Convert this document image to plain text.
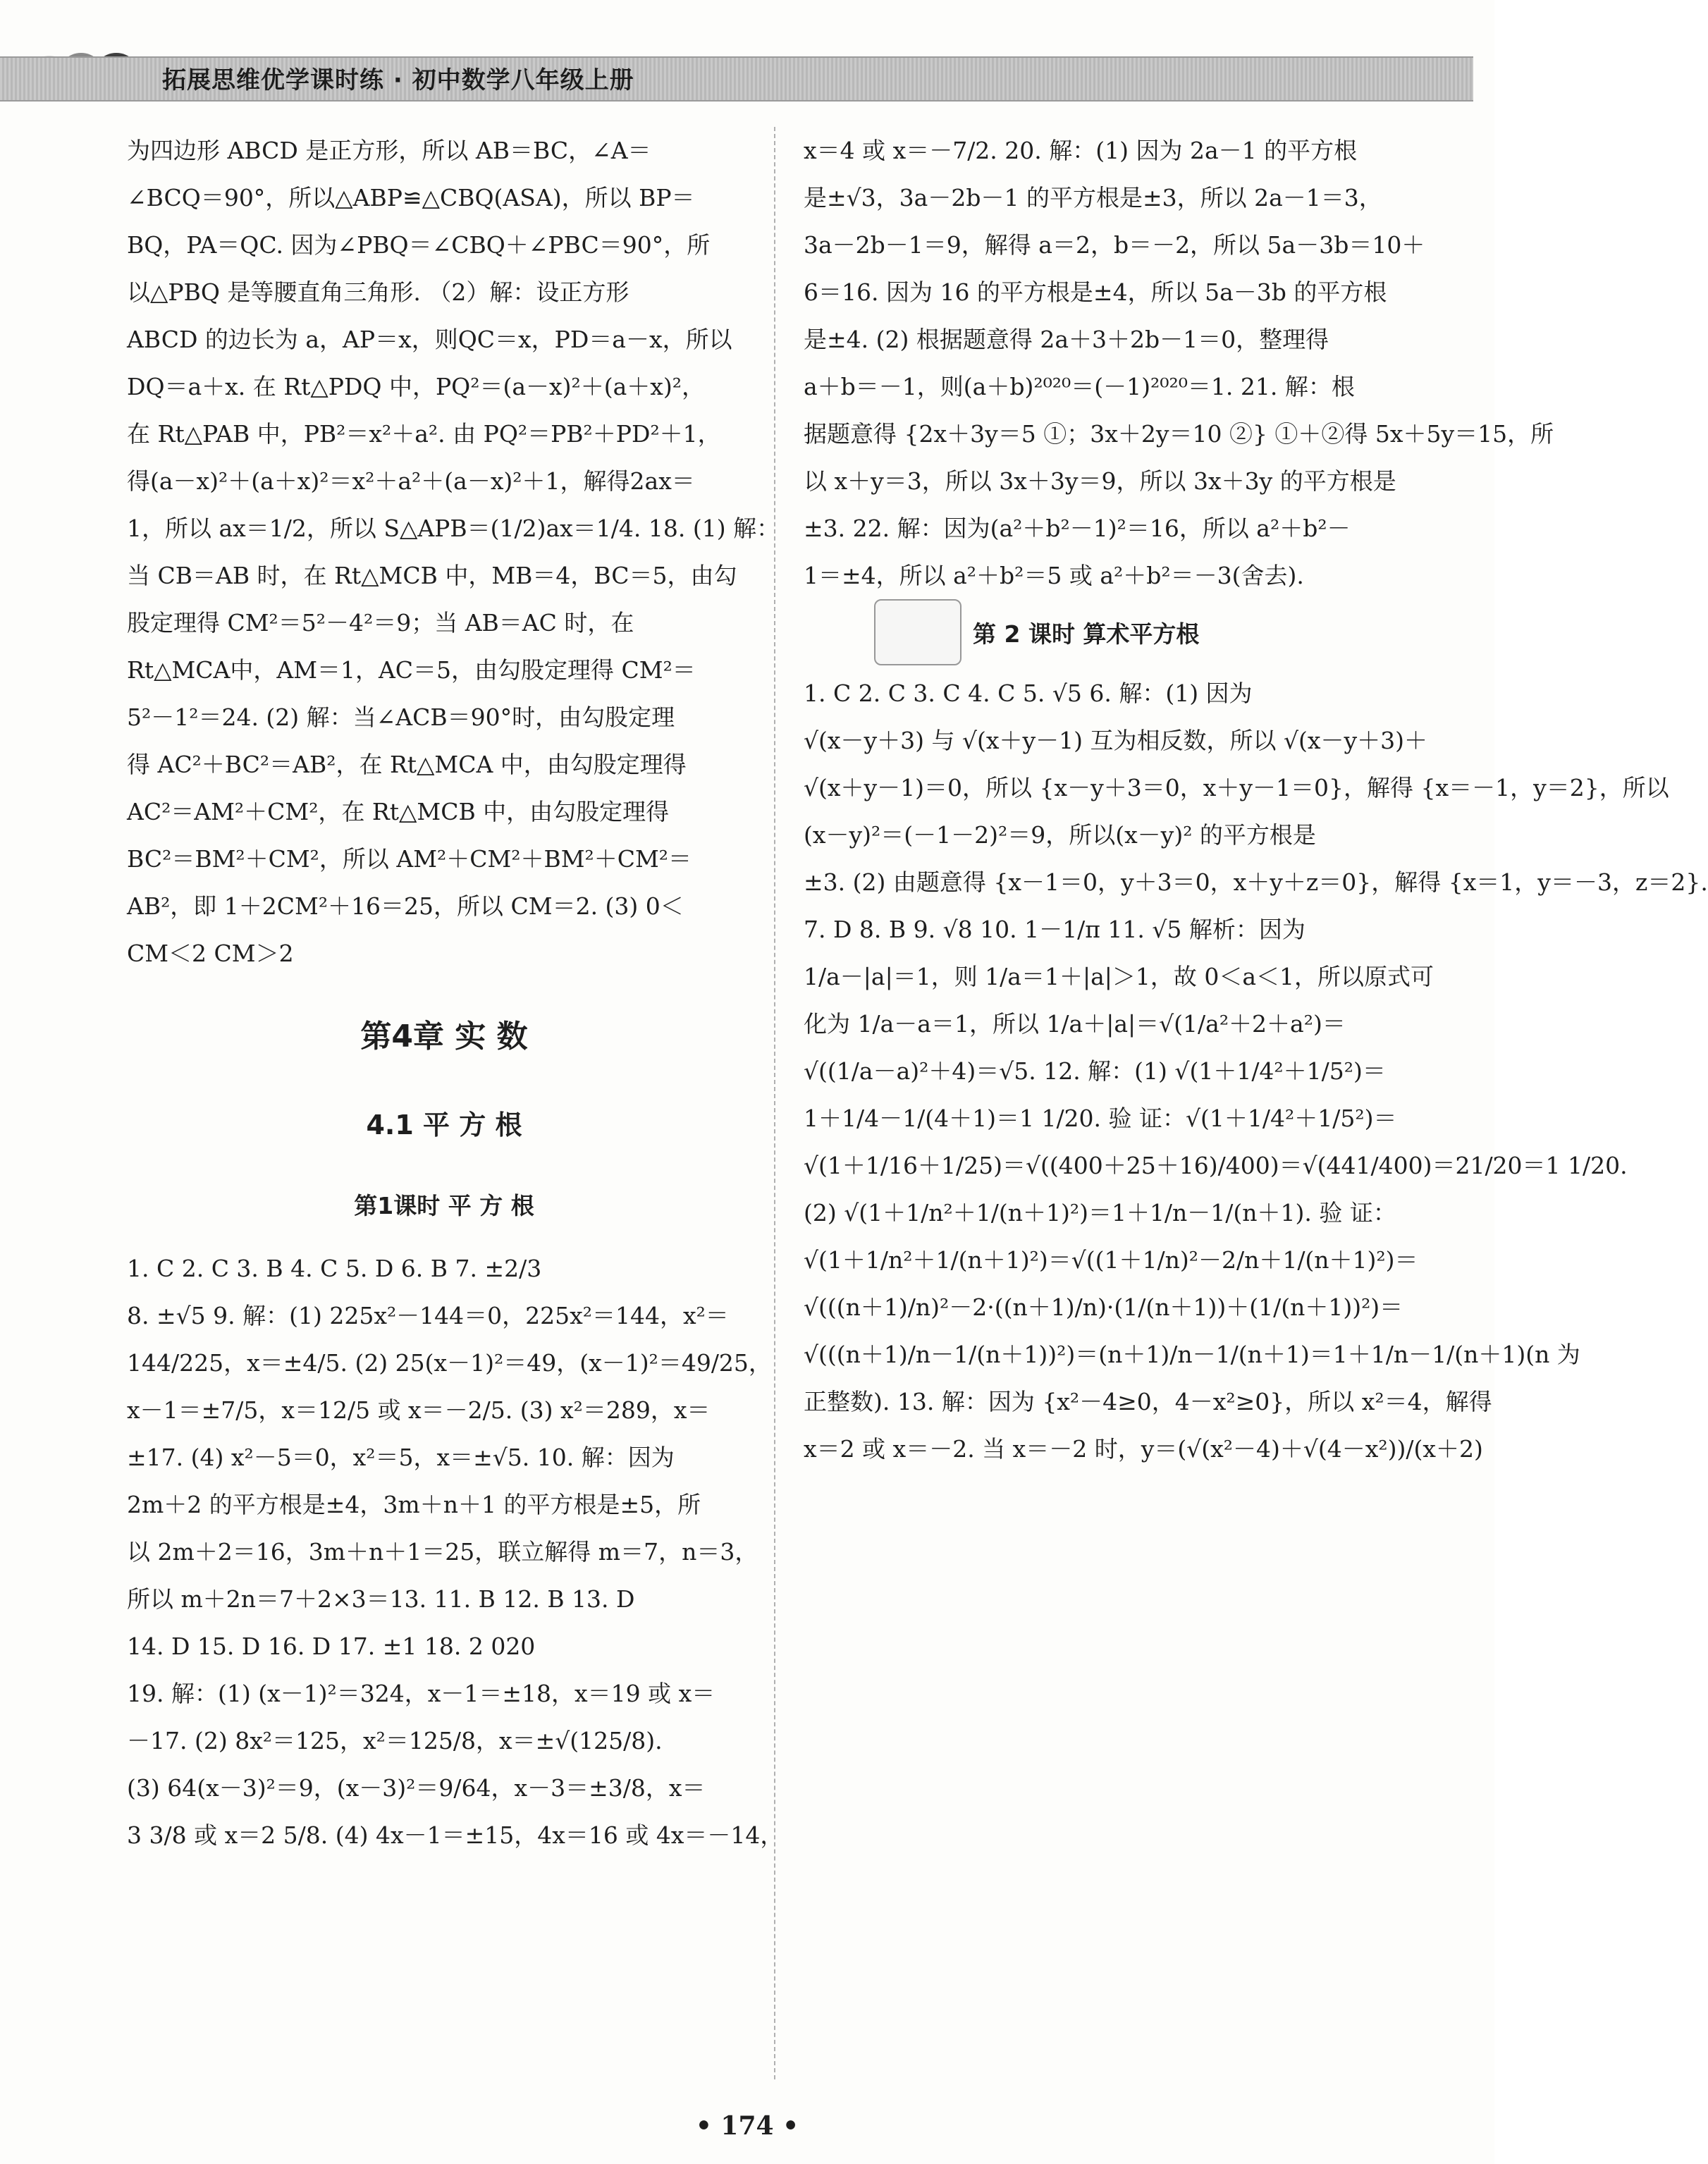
拓展思维优学课时练 · 初中数学八年级上册
为四边形 ABCD 是正方形，所以 AB＝BC，∠A＝
∠BCQ＝90°，所以△ABP≌△CBQ(ASA)，所以 BP＝
BQ，PA＝QC. 因为∠PBQ＝∠CBQ＋∠PBC＝90°，所
以△PBQ 是等腰直角三角形. （2）解：设正方形
ABCD 的边长为 a，AP＝x，则QC＝x，PD＝a－x，所以
DQ＝a＋x. 在 Rt△PDQ 中，PQ²＝(a－x)²＋(a＋x)²，
在 Rt△PAB 中，PB²＝x²＋a². 由 PQ²＝PB²＋PD²＋1，
得(a－x)²＋(a＋x)²＝x²＋a²＋(a－x)²＋1，解得2ax＝
1，所以 ax＝1/2，所以 S△APB＝(1/2)ax＝1/4. 18. (1) 解：
当 CB＝AB 时，在 Rt△MCB 中，MB＝4，BC＝5，由勾
股定理得 CM²＝5²－4²＝9；当 AB＝AC 时，在
Rt△MCA中，AM＝1，AC＝5，由勾股定理得 CM²＝
5²－1²＝24. (2) 解：当∠ACB＝90°时，由勾股定理
得 AC²＋BC²＝AB²，在 Rt△MCA 中，由勾股定理得
AC²＝AM²＋CM²，在 Rt△MCB 中，由勾股定理得
BC²＝BM²＋CM²，所以 AM²＋CM²＋BM²＋CM²＝
AB²，即 1＋2CM²＋16＝25，所以 CM＝2. (3) 0＜
CM＜2 CM＞2
第4章 实 数
4.1 平 方 根
第1课时 平 方 根
1. C 2. C 3. B 4. C 5. D 6. B 7. ±2/3
8. ±√5 9. 解：(1) 225x²－144＝0，225x²＝144，x²＝
144/225，x＝±4/5. (2) 25(x－1)²＝49，(x－1)²＝49/25，
x－1＝±7/5，x＝12/5 或 x＝－2/5. (3) x²＝289，x＝
±17. (4) x²－5＝0，x²＝5，x＝±√5. 10. 解：因为
2m＋2 的平方根是±4，3m＋n＋1 的平方根是±5，所
以 2m＋2＝16，3m＋n＋1＝25，联立解得 m＝7，n＝3，
所以 m＋2n＝7＋2×3＝13. 11. B 12. B 13. D
14. D 15. D 16. D 17. ±1 18. 2 020
19. 解：(1) (x－1)²＝324，x－1＝±18，x＝19 或 x＝
－17. (2) 8x²＝125，x²＝125/8，x＝±√(125/8).
(3) 64(x－3)²＝9，(x－3)²＝9/64，x－3＝±3/8，x＝
3 3/8 或 x＝2 5/8. (4) 4x－1＝±15，4x＝16 或 4x＝－14，
x＝4 或 x＝－7/2. 20. 解：(1) 因为 2a－1 的平方根
是±√3，3a－2b－1 的平方根是±3，所以 2a－1＝3，
3a－2b－1＝9，解得 a＝2，b＝－2，所以 5a－3b＝10＋
6＝16. 因为 16 的平方根是±4，所以 5a－3b 的平方根
是±4. (2) 根据题意得 2a＋3＋2b－1＝0，整理得
a＋b＝－1，则(a＋b)²⁰²⁰＝(－1)²⁰²⁰＝1. 21. 解：根
据题意得 {2x＋3y＝5 ①；3x＋2y＝10 ②} ①＋②得 5x＋5y＝15，所
以 x＋y＝3，所以 3x＋3y＝9，所以 3x＋3y 的平方根是
±3. 22. 解：因为(a²＋b²－1)²＝16，所以 a²＋b²－
1＝±4，所以 a²＋b²＝5 或 a²＋b²＝－3(舍去).
第 2 课时 算术平方根
1. C 2. C 3. C 4. C 5. √5 6. 解：(1) 因为
√(x－y＋3) 与 √(x＋y－1) 互为相反数，所以 √(x－y＋3)＋
√(x＋y－1)＝0，所以 {x－y＋3＝0，x＋y－1＝0}，解得 {x＝－1，y＝2}，所以
(x－y)²＝(－1－2)²＝9，所以(x－y)² 的平方根是
±3. (2) 由题意得 {x－1＝0，y＋3＝0，x＋y＋z＝0}，解得 {x＝1，y＝－3，z＝2}.
7. D 8. B 9. √8 10. 1－1/π 11. √5 解析：因为
1/a－|a|＝1，则 1/a＝1＋|a|＞1，故 0＜a＜1，所以原式可
化为 1/a－a＝1，所以 1/a＋|a|＝√(1/a²＋2＋a²)＝
√((1/a－a)²＋4)＝√5. 12. 解：(1) √(1＋1/4²＋1/5²)＝
1＋1/4－1/(4＋1)＝1 1/20. 验 证：√(1＋1/4²＋1/5²)＝
√(1＋1/16＋1/25)＝√((400＋25＋16)/400)＝√(441/400)＝21/20＝1 1/20.
(2) √(1＋1/n²＋1/(n＋1)²)＝1＋1/n－1/(n＋1). 验 证：
√(1＋1/n²＋1/(n＋1)²)＝√((1＋1/n)²－2/n＋1/(n＋1)²)＝
√(((n＋1)/n)²－2·((n＋1)/n)·(1/(n＋1))＋(1/(n＋1))²)＝
√(((n＋1)/n－1/(n＋1))²)＝(n＋1)/n－1/(n＋1)＝1＋1/n－1/(n＋1)(n 为
正整数). 13. 解：因为 {x²－4≥0，4－x²≥0}，所以 x²＝4，解得
x＝2 或 x＝－2. 当 x＝－2 时，y＝(√(x²－4)＋√(4－x²))/(x＋2)
• 174 •
